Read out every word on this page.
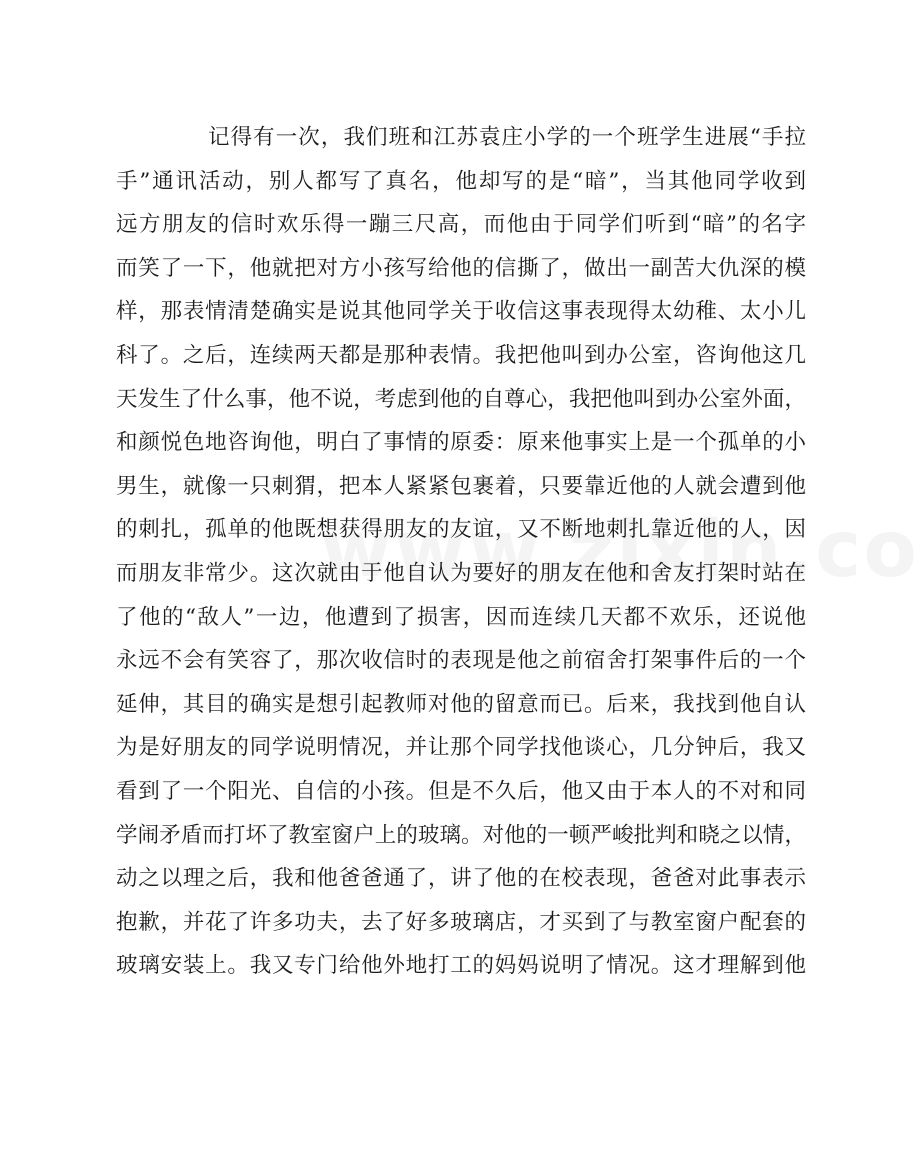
记得有一次，我们班和江苏袁庄小学的一个班学生进展“手拉
手”通讯活动，别人都写了真名，他却写的是“暗”，当其他同学收到
远方朋友的信时欢乐得一蹦三尺高，而他由于同学们听到“暗”的名字
而笑了一下，他就把对方小孩写给他的信撕了，做出一副苦大仇深的模
样，那表情清楚确实是说其他同学关于收信这事表现得太幼稚、太小儿
科了。之后，连续两天都是那种表情。我把他叫到办公室，咨询他这几
天发生了什么事，他不说，考虑到他的自尊心，我把他叫到办公室外面，
和颜悦色地咨询他，明白了事情的原委：原来他事实上是一个孤单的小
男生，就像一只刺猬，把本人紧紧包裹着，只要靠近他的人就会遭到他
的刺扎，孤单的他既想获得朋友的友谊，又不断地刺扎靠近他的人，因
而朋友非常少。这次就由于他自认为要好的朋友在他和舍友打架时站在
了他的“敌人”一边，他遭到了损害，因而连续几天都不欢乐，还说他
永远不会有笑容了，那次收信时的表现是他之前宿舍打架事件后的一个
延伸，其目的确实是想引起教师对他的留意而已。后来，我找到他自认
为是好朋友的同学说明情况，并让那个同学找他谈心，几分钟后，我又
看到了一个阳光、自信的小孩。但是不久后，他又由于本人的不对和同
学闹矛盾而打坏了教室窗户上的玻璃。对他的一顿严峻批判和晓之以情，
动之以理之后，我和他爸爸通了，讲了他的在校表现，爸爸对此事表示
抱歉，并花了许多功夫，去了好多玻璃店，才买到了与教室窗户配套的
玻璃安装上。我又专门给他外地打工的妈妈说明了情况。这才理解到他
